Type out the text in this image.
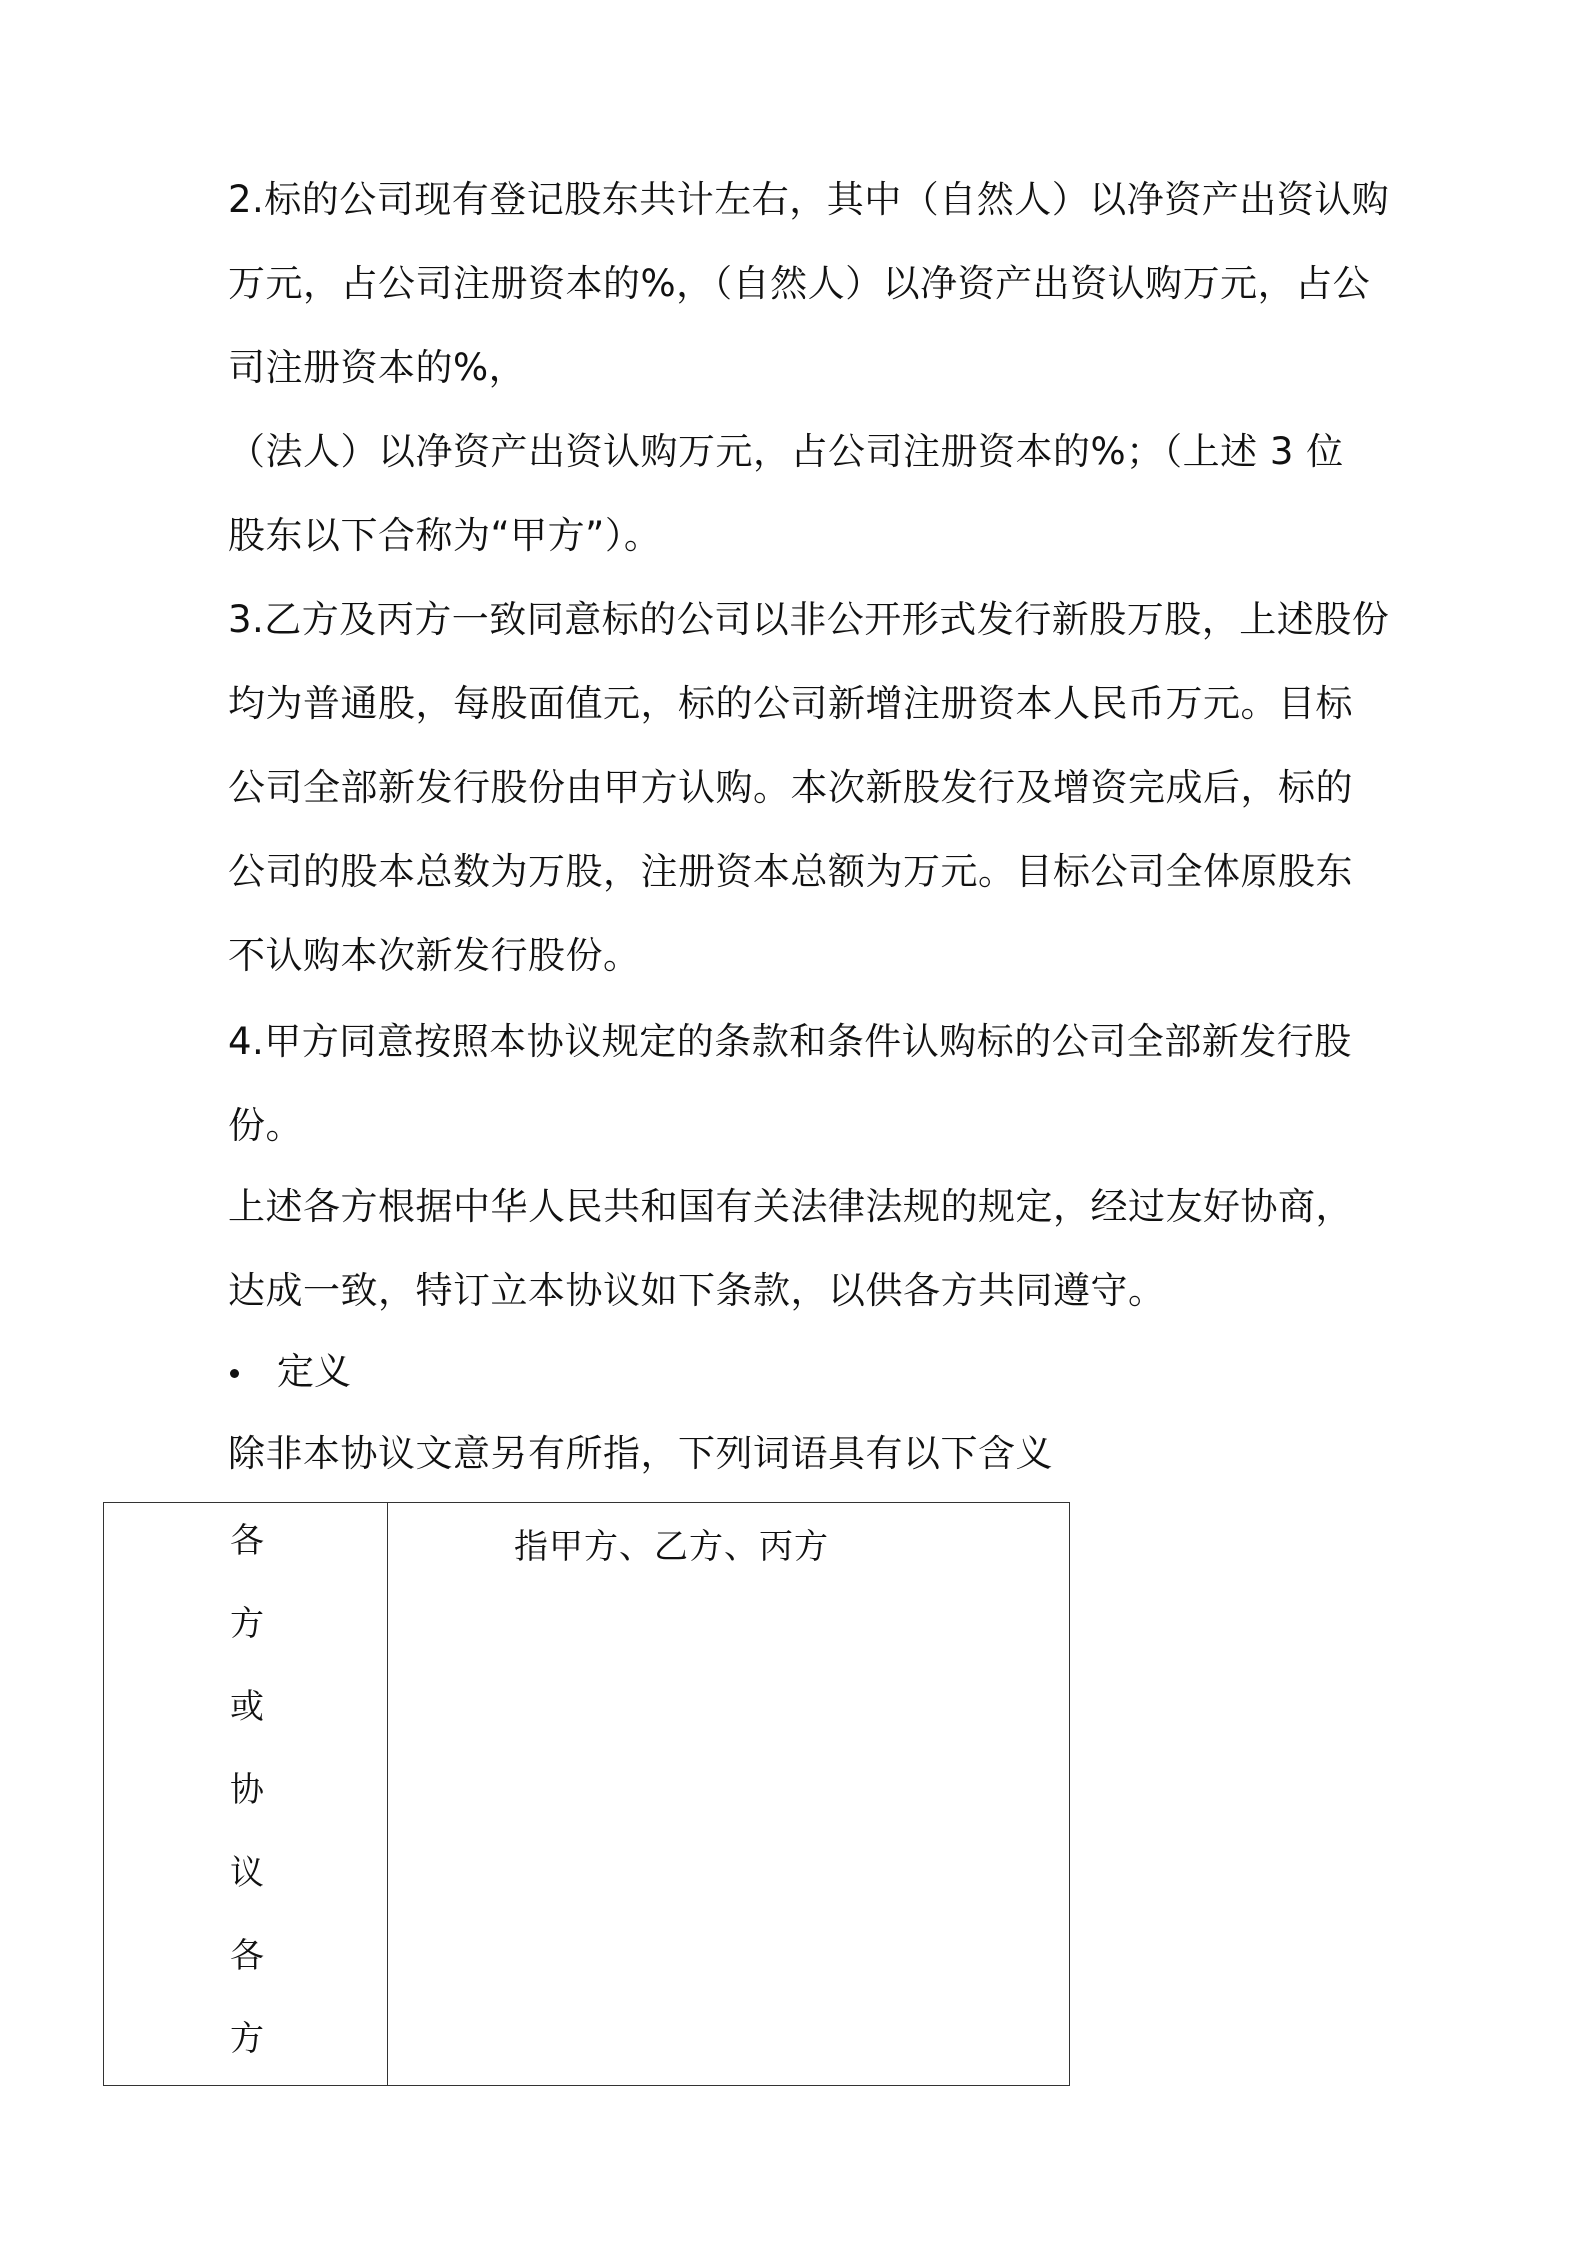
2.标的公司现有登记股东共计左右，其中（自然人）以净资产出资认购
万元，占公司注册资本的%，（自然人）以净资产出资认购万元，占公
司注册资本的%，
（法人）以净资产出资认购万元，占公司注册资本的%；（上述 3 位
股东以下合称为“甲方”）。
3.乙方及丙方一致同意标的公司以非公开形式发行新股万股，上述股份
均为普通股，每股面值元，标的公司新增注册资本人民币万元。目标
公司全部新发行股份由甲方认购。本次新股发行及增资完成后，标的
公司的股本总数为万股，注册资本总额为万元。目标公司全体原股东
不认购本次新发行股份。
4.甲方同意按照本协议规定的条款和条件认购标的公司全部新发行股
份。
上述各方根据中华人民共和国有关法律法规的规定，经过友好协商，
达成一致，特订立本协议如下条款，以供各方共同遵守。
定义
除非本协议文意另有所指，下列词语具有以下含义
各
方
或
协
议
各
方
指甲方、乙方、丙方
